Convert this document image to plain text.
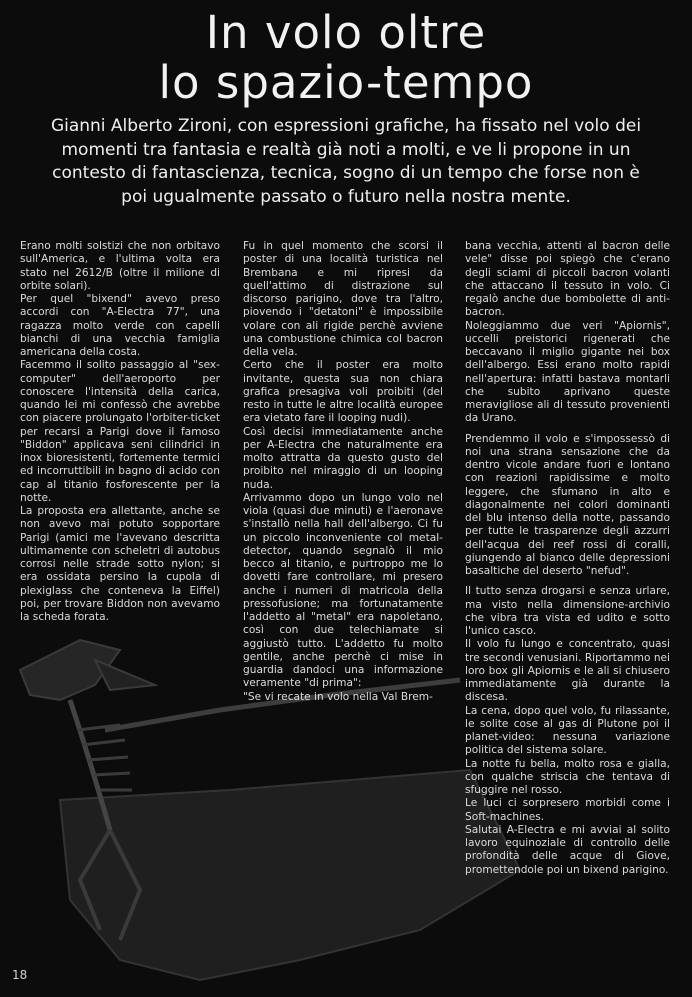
In volo oltre
lo spazio-tempo
Gianni Alberto Zironi, con espressioni grafiche, ha fissato nel volo dei momenti tra fantasia e realtà già noti a molti, e ve li propone in un contesto di fantascienza, tecnica, sogno di un tempo che forse non è poi ugualmente passato o futuro nella nostra mente.

Erano molti solstizi che non orbitavo sull'America, e l'ultima volta era stato nel 2612/B (oltre il milione di orbite solari).

Per quel "bixend" avevo preso accordi con "A-Electra 77", una ragazza molto verde con capelli bianchi di una vecchia famiglia americana della costa.

Facemmo il solito passaggio al "sex-computer" dell'aeroporto per conoscere l'intensità della carica, quando lei mi confessò che avrebbe con piacere prolungato l'orbiter-ticket per recarsi a Parigi dove il famoso "Biddon" applicava seni cilindrici in inox bioresistenti, fortemente termici ed incorruttibili in bagno di acido con cap al titanio fosforescente per la notte.

La proposta era allettante, anche se non avevo mai potuto sopportare Parigi (amici me l'avevano descritta ultimamente con scheletri di autobus corrosi nelle strade sotto nylon; si era ossidata persino la cupola di plexiglass che conteneva la Eiffel) poi, per trovare Biddon non avevamo la scheda forata.

Fu in quel momento che scorsi il poster di una località turistica nel Brembana e mi ripresi da quell'attimo di distrazione sul discorso parigino, dove tra l'altro, piovendo i "detatoni" è impossibile volare con ali rigide perchè avviene una combustione chimica col bacron della vela.

Certo che il poster era molto invitante, questa sua non chiara grafica presagiva voli proibiti (del resto in tutte le altre località europee era vietato fare il looping nudi).

Così decisi immediatamente anche per A-Electra che naturalmente era molto attratta da questo gusto del proibito nel miraggio di un looping nuda.

Arrivammo dopo un lungo volo nel viola (quasi due minuti) e l'aeronave s'installò nella hall dell'albergo. Ci fu un piccolo inconveniente col metal-detector, quando segnalò il mio becco al titanio, e purtroppo me lo dovetti fare controllare, mi presero anche i numeri di matricola della pressofusione; ma fortunatamente l'addetto al "metal" era napoletano, così con due telechiamate si aggiustò tutto. L'addetto fu molto gentile, anche perchè ci mise in guardia dandoci una informazione veramente "di prima":

"Se vi recate in volo nella Val Brem-

bana vecchia, attenti al bacron delle vele" disse poi spiegò che c'erano degli sciami di piccoli bacron volanti che attaccano il tessuto in volo. Ci regalò anche due bombolette di anti-bacron.

Noleggiammo due veri "Apiornis", uccelli preistorici rigenerati che beccavano il miglio gigante nei box dell'albergo. Essi erano molto rapidi nell'apertura: infatti bastava montarli che subito aprivano queste meravigliose ali di tessuto provenienti da Urano.

Prendemmo il volo e s'impossessò di noi una strana sensazione che da dentro vicole andare fuori e lontano con reazioni rapidissime e molto leggere, che sfumano in alto e diagonalmente nei colori dominanti del blu intenso della notte, passando per tutte le trasparenze degli azzurri dell'acqua dei reef rossi di coralli, giungendo al bianco delle depressioni basaltiche del deserto "nefud".

Il tutto senza drogarsi e senza urlare, ma visto nella dimensione-archivio che vibra tra vista ed udito e sotto l'unico casco.

Il volo fu lungo e concentrato, quasi tre secondi venusiani. Riportammo nei loro box gli Apiornis e le ali si chiusero immediatamente già durante la discesa.

La cena, dopo quel volo, fu rilassante, le solite cose al gas di Plutone poi il planet-video: nessuna variazione politica del sistema solare.

La notte fu bella, molto rosa e gialla, con qualche striscia che tentava di sfuggire nel rosso.

Le luci ci sorpresero morbidi come i Soft-machines.

Salutai A-Electra e mi avviai al solito lavoro equinoziale di controllo delle profondità delle acque di Giove, promettendole poi un bixend parigino.

18
